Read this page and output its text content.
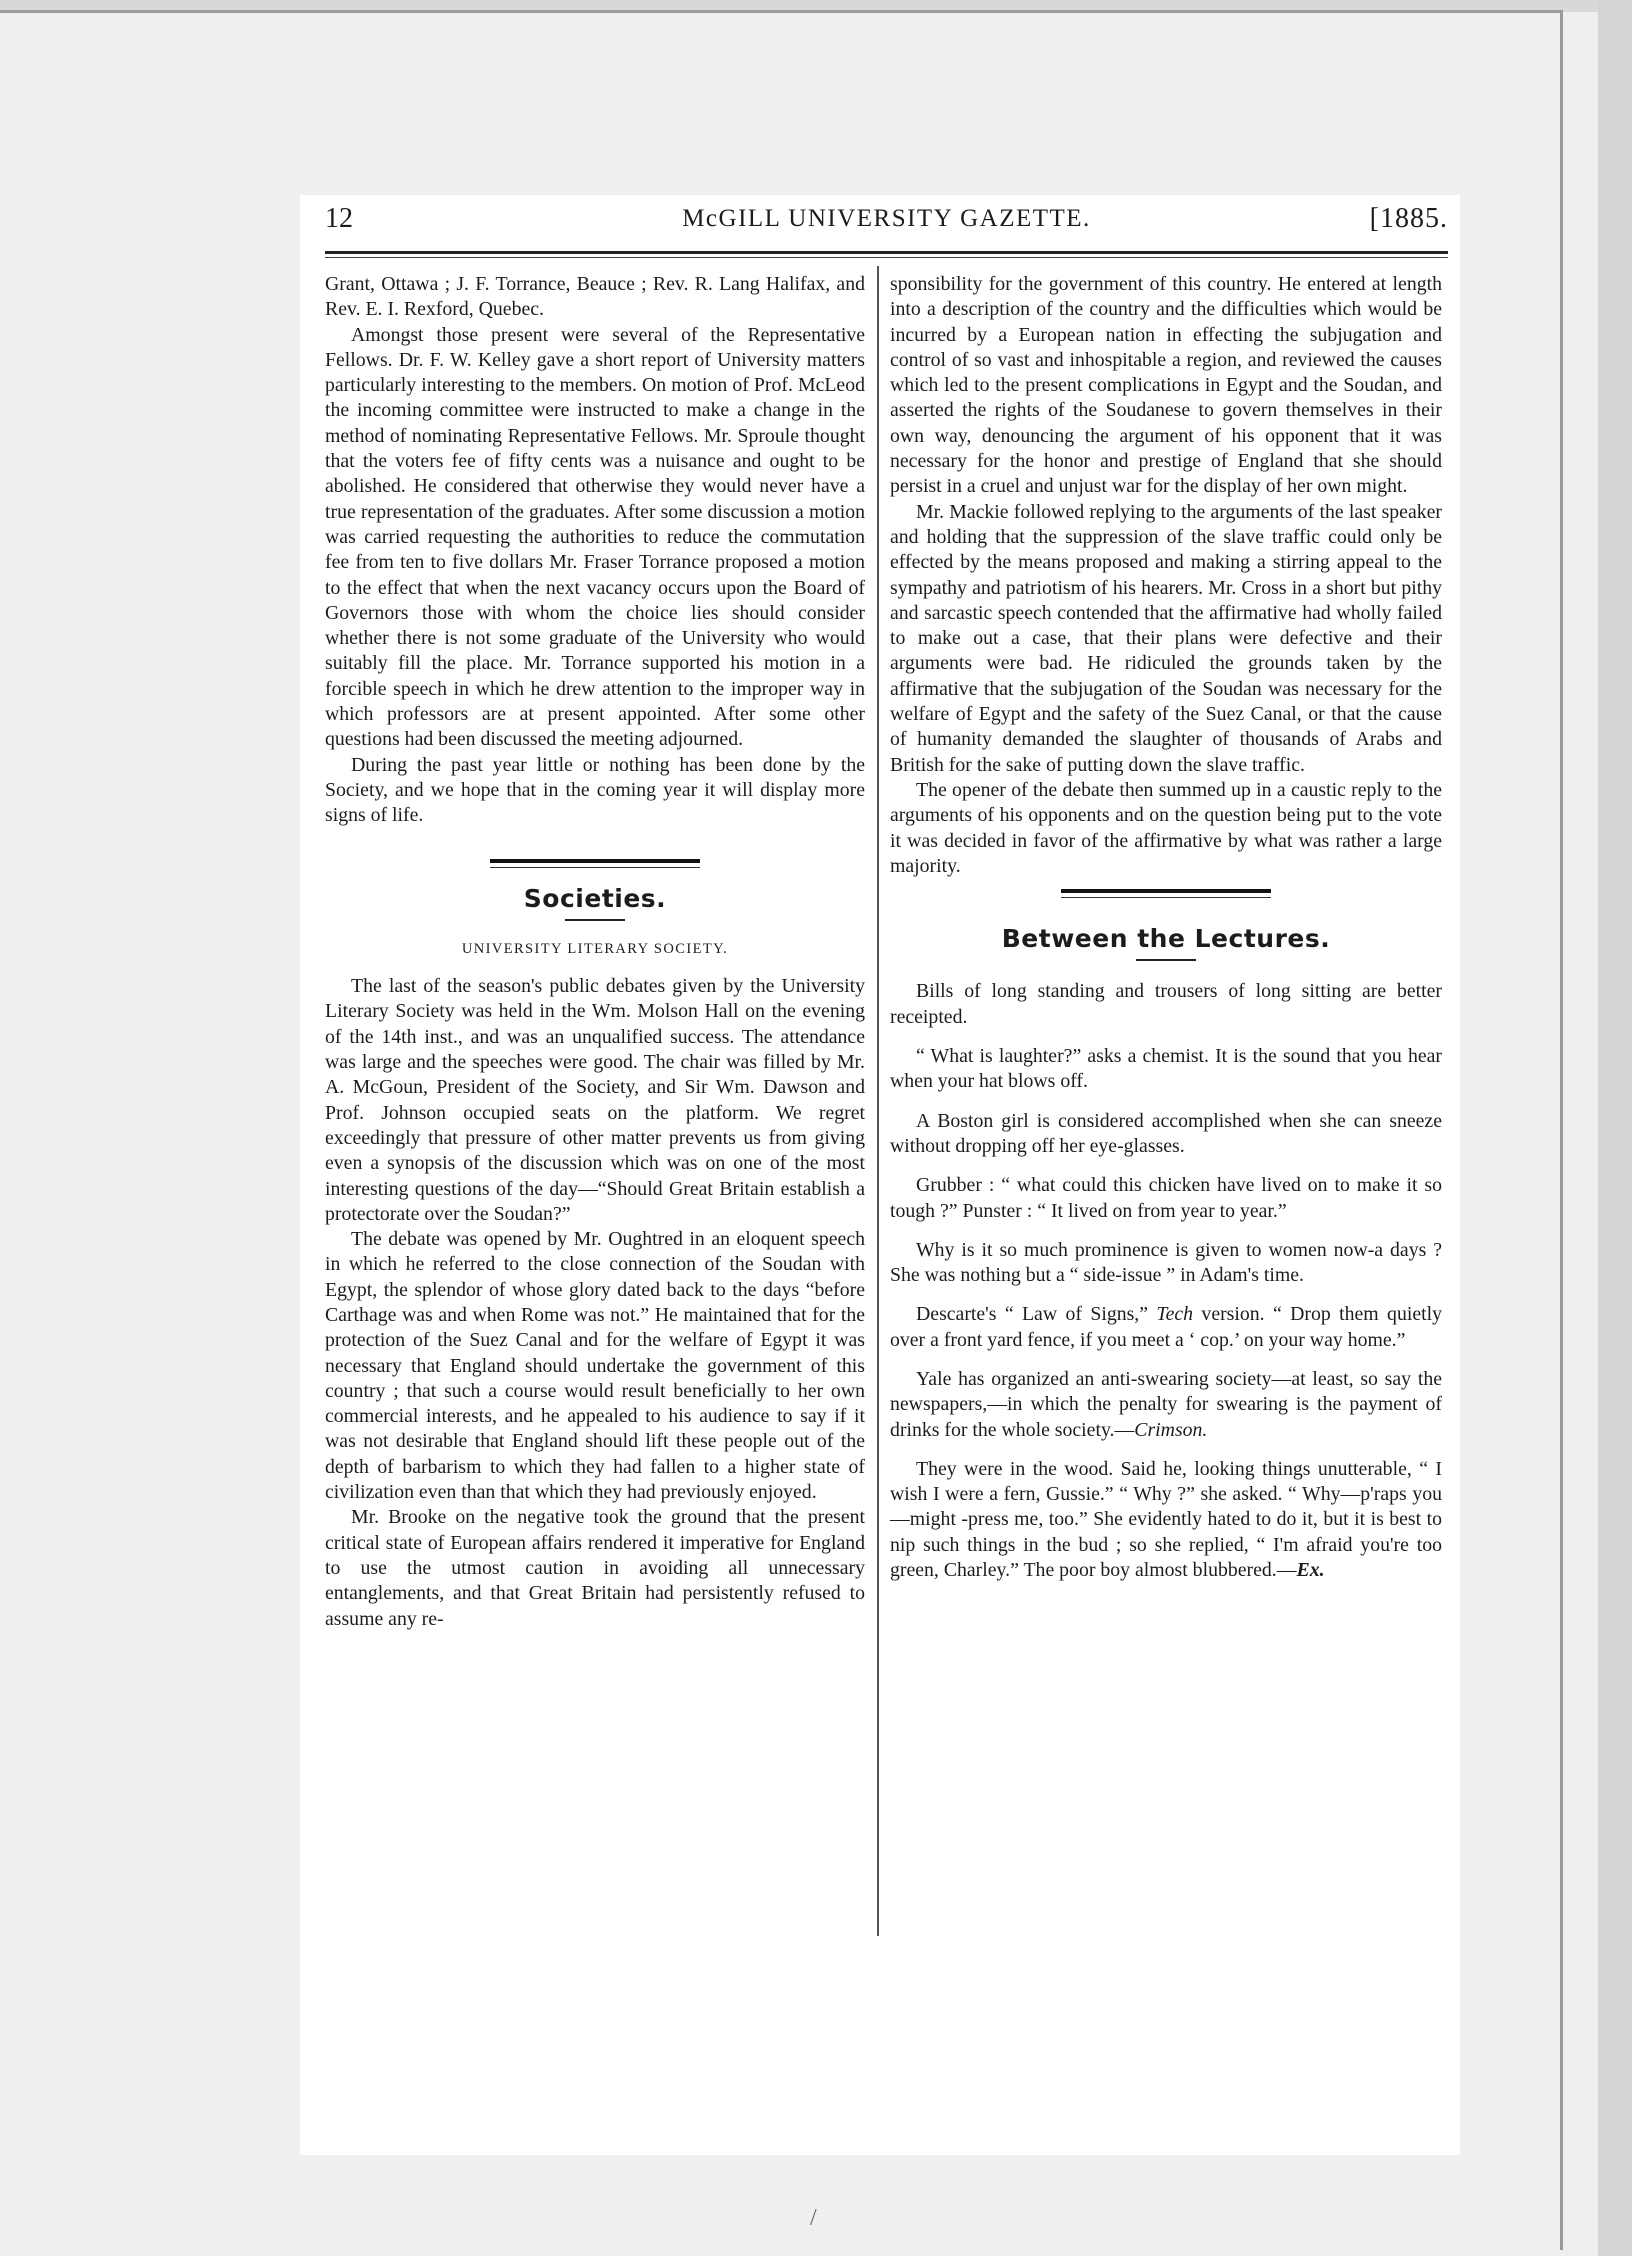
12	McGILL UNIVERSITY GAZETTE.	[1885.

Grant, Ottawa ; J. F. Torrance, Beauce ; Rev. R. Lang Halifax, and Rev. E. I. Rexford, Quebec.

Amongst those present were several of the Representative Fellows. Dr. F. W. Kelley gave a short report of University matters particularly interesting to the members. On motion of Prof. McLeod the incoming committee were instructed to make a change in the method of nominating Representative Fellows. Mr. Sproule thought that the voters fee of fifty cents was a nuisance and ought to be abolished. He considered that otherwise they would never have a true representation of the graduates. After some discussion a motion was carried requesting the authorities to reduce the commutation fee from ten to five dollars Mr. Fraser Torrance proposed a motion to the effect that when the next vacancy occurs upon the Board of Governors those with whom the choice lies should consider whether there is not some graduate of the University who would suitably fill the place. Mr. Torrance supported his motion in a forcible speech in which he drew attention to the improper way in which professors are at present appointed. After some other questions had been discussed the meeting adjourned.

During the past year little or nothing has been done by the Society, and we hope that in the coming year it will display more signs of life.

Societies.
UNIVERSITY LITERARY SOCIETY.

The last of the season's public debates given by the University Literary Society was held in the Wm. Molson Hall on the evening of the 14th inst., and was an unqualified success. The attendance was large and the speeches were good. The chair was filled by Mr. A. McGoun, President of the Society, and Sir Wm. Dawson and Prof. Johnson occupied seats on the platform. We regret exceedingly that pressure of other matter prevents us from giving even a synopsis of the discussion which was on one of the most interesting questions of the day—“Should Great Britain establish a protectorate over the Soudan?”

The debate was opened by Mr. Oughtred in an eloquent speech in which he referred to the close connection of the Soudan with Egypt, the splendor of whose glory dated back to the days “before Carthage was and when Rome was not.” He maintained that for the protection of the Suez Canal and for the welfare of Egypt it was necessary that England should undertake the government of this country ; that such a course would result beneficially to her own commercial interests, and he appealed to his audience to say if it was not desirable that England should lift these people out of the depth of barbarism to which they had fallen to a higher state of civilization even than that which they had previously enjoyed.

Mr. Brooke on the negative took the ground that the present critical state of European affairs rendered it imperative for England to use the utmost caution in avoiding all unnecessary entanglements, and that Great Britain had persistently refused to assume any re-

sponsibility for the government of this country. He entered at length into a description of the country and the difficulties which would be incurred by a European nation in effecting the subjugation and control of so vast and inhospitable a region, and reviewed the causes which led to the present complications in Egypt and the Soudan, and asserted the rights of the Soudanese to govern themselves in their own way, denouncing the argument of his opponent that it was necessary for the honor and prestige of England that she should persist in a cruel and unjust war for the display of her own might.

Mr. Mackie followed replying to the arguments of the last speaker and holding that the suppression of the slave traffic could only be effected by the means proposed and making a stirring appeal to the sympathy and patriotism of his hearers. Mr. Cross in a short but pithy and sarcastic speech contended that the affirmative had wholly failed to make out a case, that their plans were defective and their arguments were bad. He ridiculed the grounds taken by the affirmative that the subjugation of the Soudan was necessary for the welfare of Egypt and the safety of the Suez Canal, or that the cause of humanity demanded the slaughter of thousands of Arabs and British for the sake of putting down the slave traffic.

The opener of the debate then summed up in a caustic reply to the arguments of his opponents and on the question being put to the vote it was decided in favor of the affirmative by what was rather a large majority.

Between the Lectures.

Bills of long standing and trousers of long sitting are better receipted.

“ What is laughter?” asks a chemist. It is the sound that you hear when your hat blows off.

A Boston girl is considered accomplished when she can sneeze without dropping off her eye-glasses.

Grubber : “ what could this chicken have lived on to make it so tough ?” Punster : “ It lived on from year to year.”

Why is it so much prominence is given to women now-a days ? She was nothing but a “ side-issue ” in Adam's time.

Descarte's “ Law of Signs,” Tech version. “ Drop them quietly over a front yard fence, if you meet a ‘ cop.’ on your way home.”

Yale has organized an anti-swearing society—at least, so say the newspapers,—in which the penalty for swearing is the payment of drinks for the whole society.—Crimson.

They were in the wood. Said he, looking things unutterable, “ I wish I were a fern, Gussie.” “ Why ?” she asked. “ Why—p'raps you—might -press me, too.” She evidently hated to do it, but it is best to nip such things in the bud ; so she replied, “ I'm afraid you're too green, Charley.” The poor boy almost blubbered.—Ex.

/
